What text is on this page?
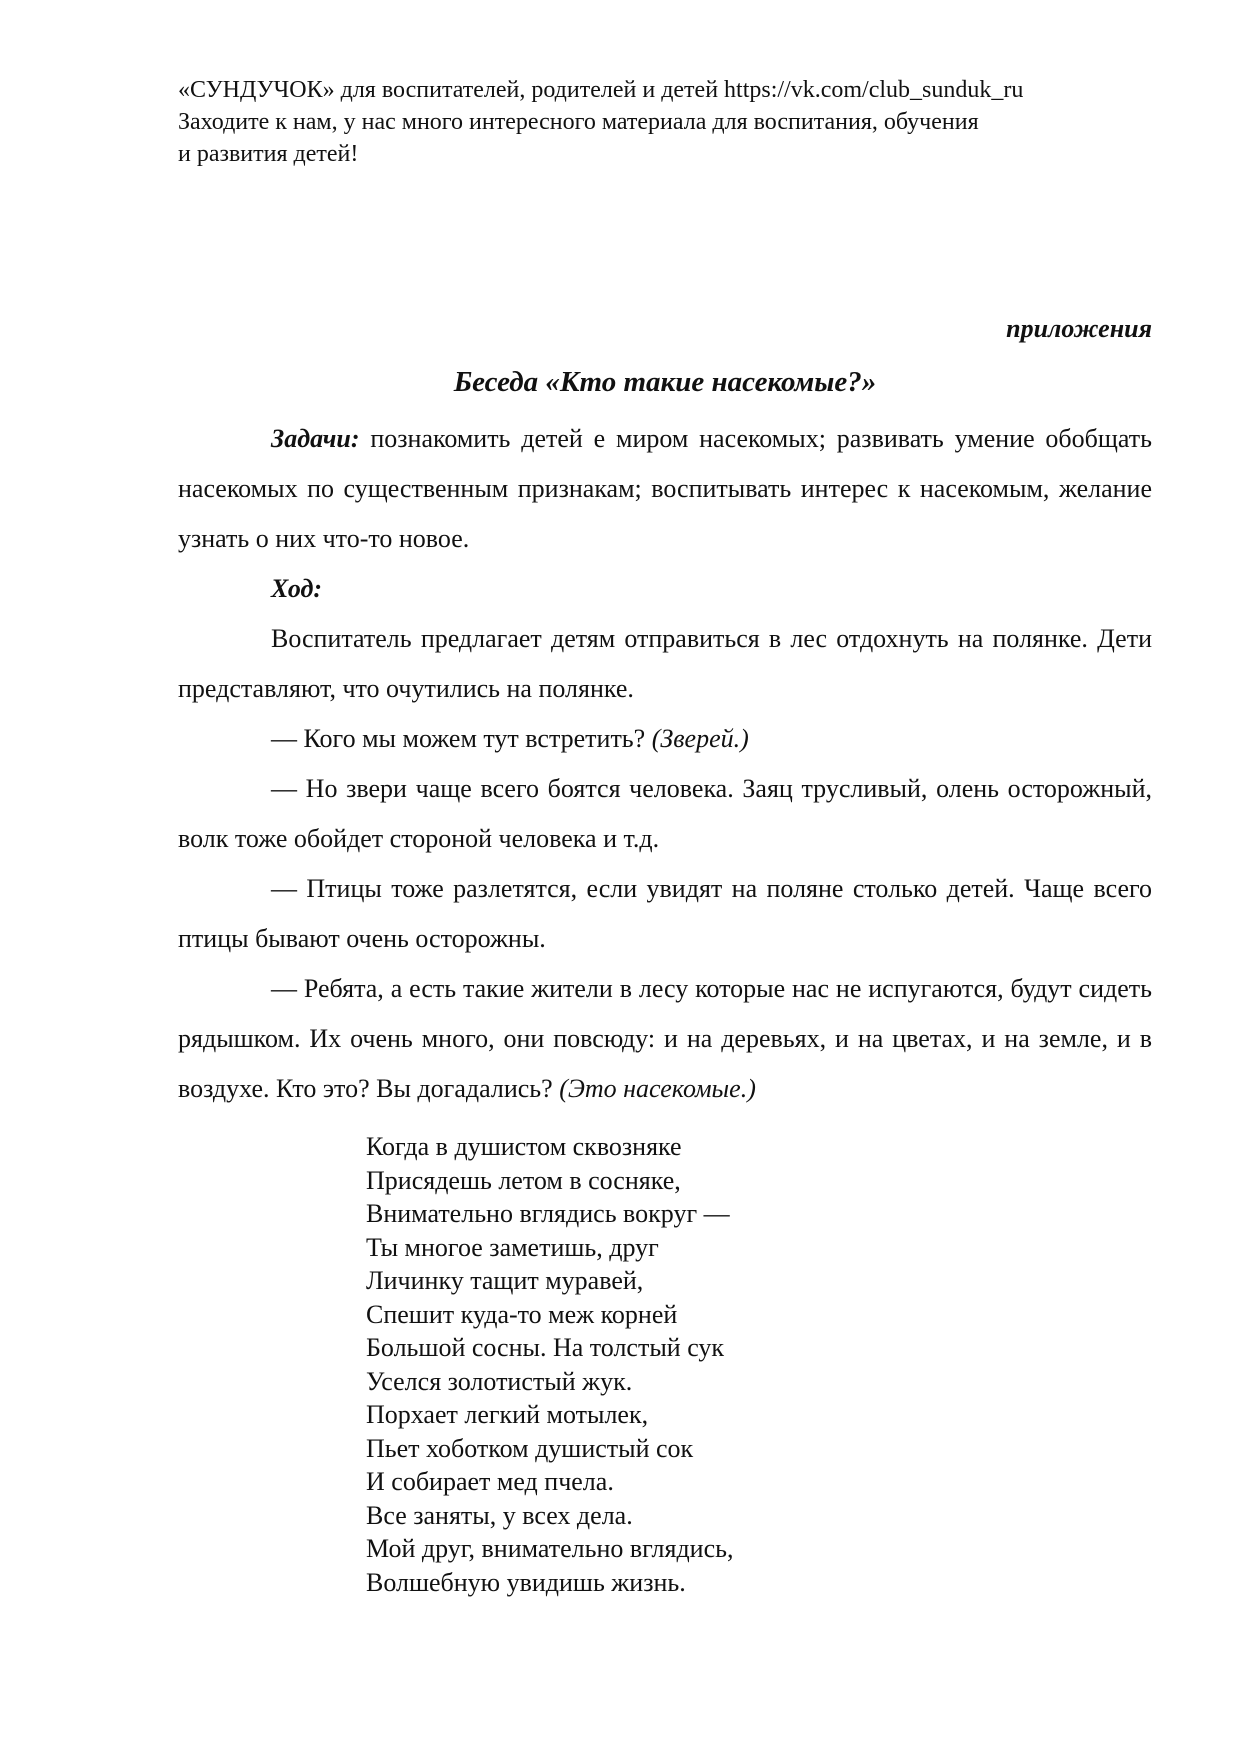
«СУНДУЧОК» для воспитателей, родителей и детей https://vk.com/club_sunduk_ru
Заходите к нам, у нас много интересного материала для воспитания, обучения
и развития детей!
приложения
Беседа «Кто такие насекомые?»

Задачи: познакомить детей е миром насекомых; развивать умение обобщать насекомых по существенным признакам; воспитывать интерес к насекомым, желание узнать о них что-то новое.

Ход:

Воспитатель предлагает детям отправиться в лес отдохнуть на полянке. Дети представляют, что очутились на полянке.

— Кого мы можем тут встретить? (Зверей.)

— Но звери чаще всего боятся человека. Заяц трусливый, олень осторожный, волк тоже обойдет стороной человека и т.д.

— Птицы тоже разлетятся, если увидят на поляне столько детей. Чаще всего птицы бывают очень осторожны.

— Ребята, а есть такие жители в лесу которые нас не испугаются, будут сидеть рядышком. Их очень много, они повсюду: и на деревьях, и на цветах, и на земле, и в воздухе. Кто это? Вы догадались? (Это насекомые.)

Когда в душистом сквозняке
Присядешь летом в сосняке,
Внимательно вглядись вокруг —
Ты многое заметишь, друг
Личинку тащит муравей,
Спешит куда-то меж корней
Большой сосны. На толстый сук
Уселся золотистый жук.
Порхает легкий мотылек,
Пьет хоботком душистый сок
И собирает мед пчела.
Все заняты, у всех дела.
Мой друг, внимательно вглядись,
Волшебную увидишь жизнь.
